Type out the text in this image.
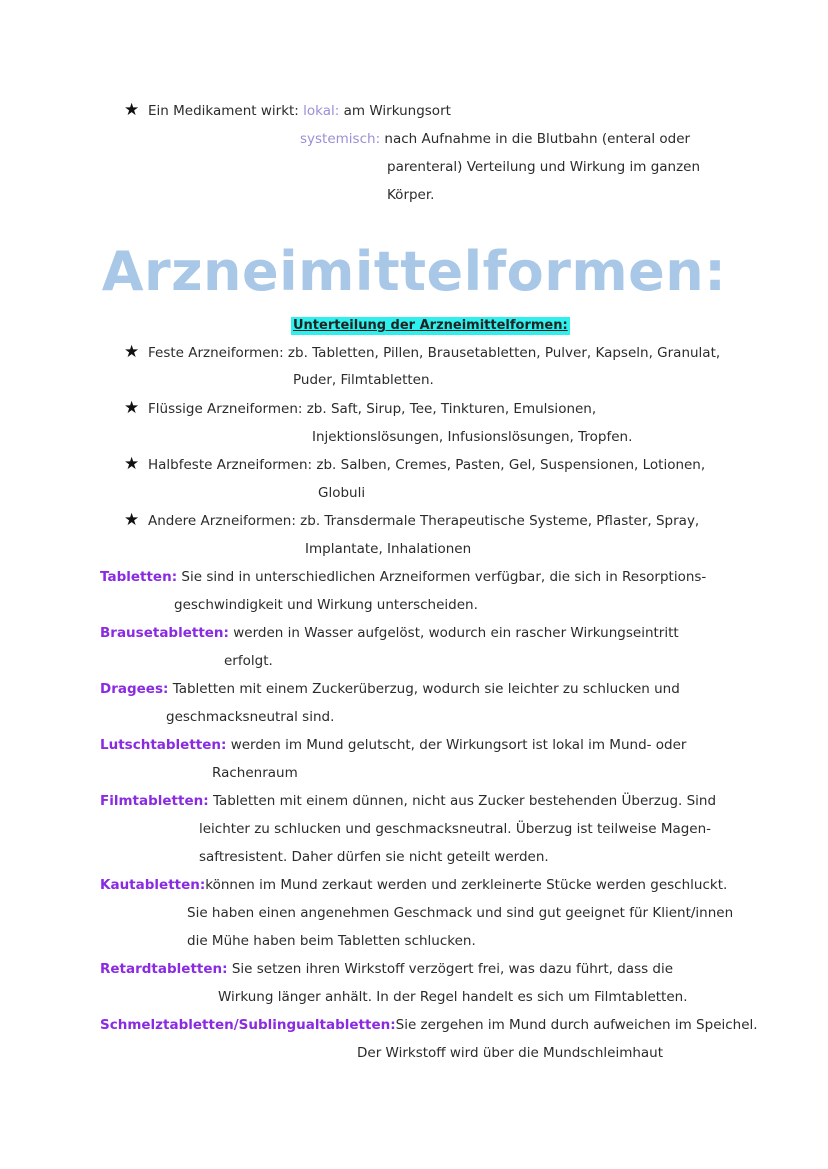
★ Ein Medikament wirkt: lokal: am Wirkungsort
systemisch: nach Aufnahme in die Blutbahn (enteral oder
parenteral) Verteilung und Wirkung im ganzen
Körper.
Arzneimittelformen:
Unterteilung der Arzneimittelformen:
★ Feste Arzneiformen: zb. Tabletten, Pillen, Brausetabletten, Pulver, Kapseln, Granulat,
Puder, Filmtabletten.
★ Flüssige Arzneiformen: zb. Saft, Sirup, Tee, Tinkturen, Emulsionen,
Injektionslösungen, Infusionslösungen, Tropfen.
★ Halbfeste Arzneiformen: zb. Salben, Cremes, Pasten, Gel, Suspensionen, Lotionen,
Globuli
★ Andere Arzneiformen: zb. Transdermale Therapeutische Systeme, Pflaster, Spray,
Implantate, Inhalationen
Tabletten: Sie sind in unterschiedlichen Arzneiformen verfügbar, die sich in Resorptions-
geschwindigkeit und Wirkung unterscheiden.
Brausetabletten: werden in Wasser aufgelöst, wodurch ein rascher Wirkungseintritt
erfolgt.
Dragees: Tabletten mit einem Zuckerüberzug, wodurch sie leichter zu schlucken und
geschmacksneutral sind.
Lutschtabletten: werden im Mund gelutscht, der Wirkungsort ist lokal im Mund- oder
Rachenraum
Filmtabletten: Tabletten mit einem dünnen, nicht aus Zucker bestehenden Überzug. Sind
leichter zu schlucken und geschmacksneutral. Überzug ist teilweise Magen-
saftresistent. Daher dürfen sie nicht geteilt werden.
Kautabletten:können im Mund zerkaut werden und zerkleinerte Stücke werden geschluckt.
Sie haben einen angenehmen Geschmack und sind gut geeignet für Klient/innen
die Mühe haben beim Tabletten schlucken.
Retardtabletten: Sie setzen ihren Wirkstoff verzögert frei, was dazu führt, dass die
Wirkung länger anhält. In der Regel handelt es sich um Filmtabletten.
Schmelztabletten/Sublingualtabletten:Sie zergehen im Mund durch aufweichen im Speichel.
Der Wirkstoff wird über die Mundschleimhaut
